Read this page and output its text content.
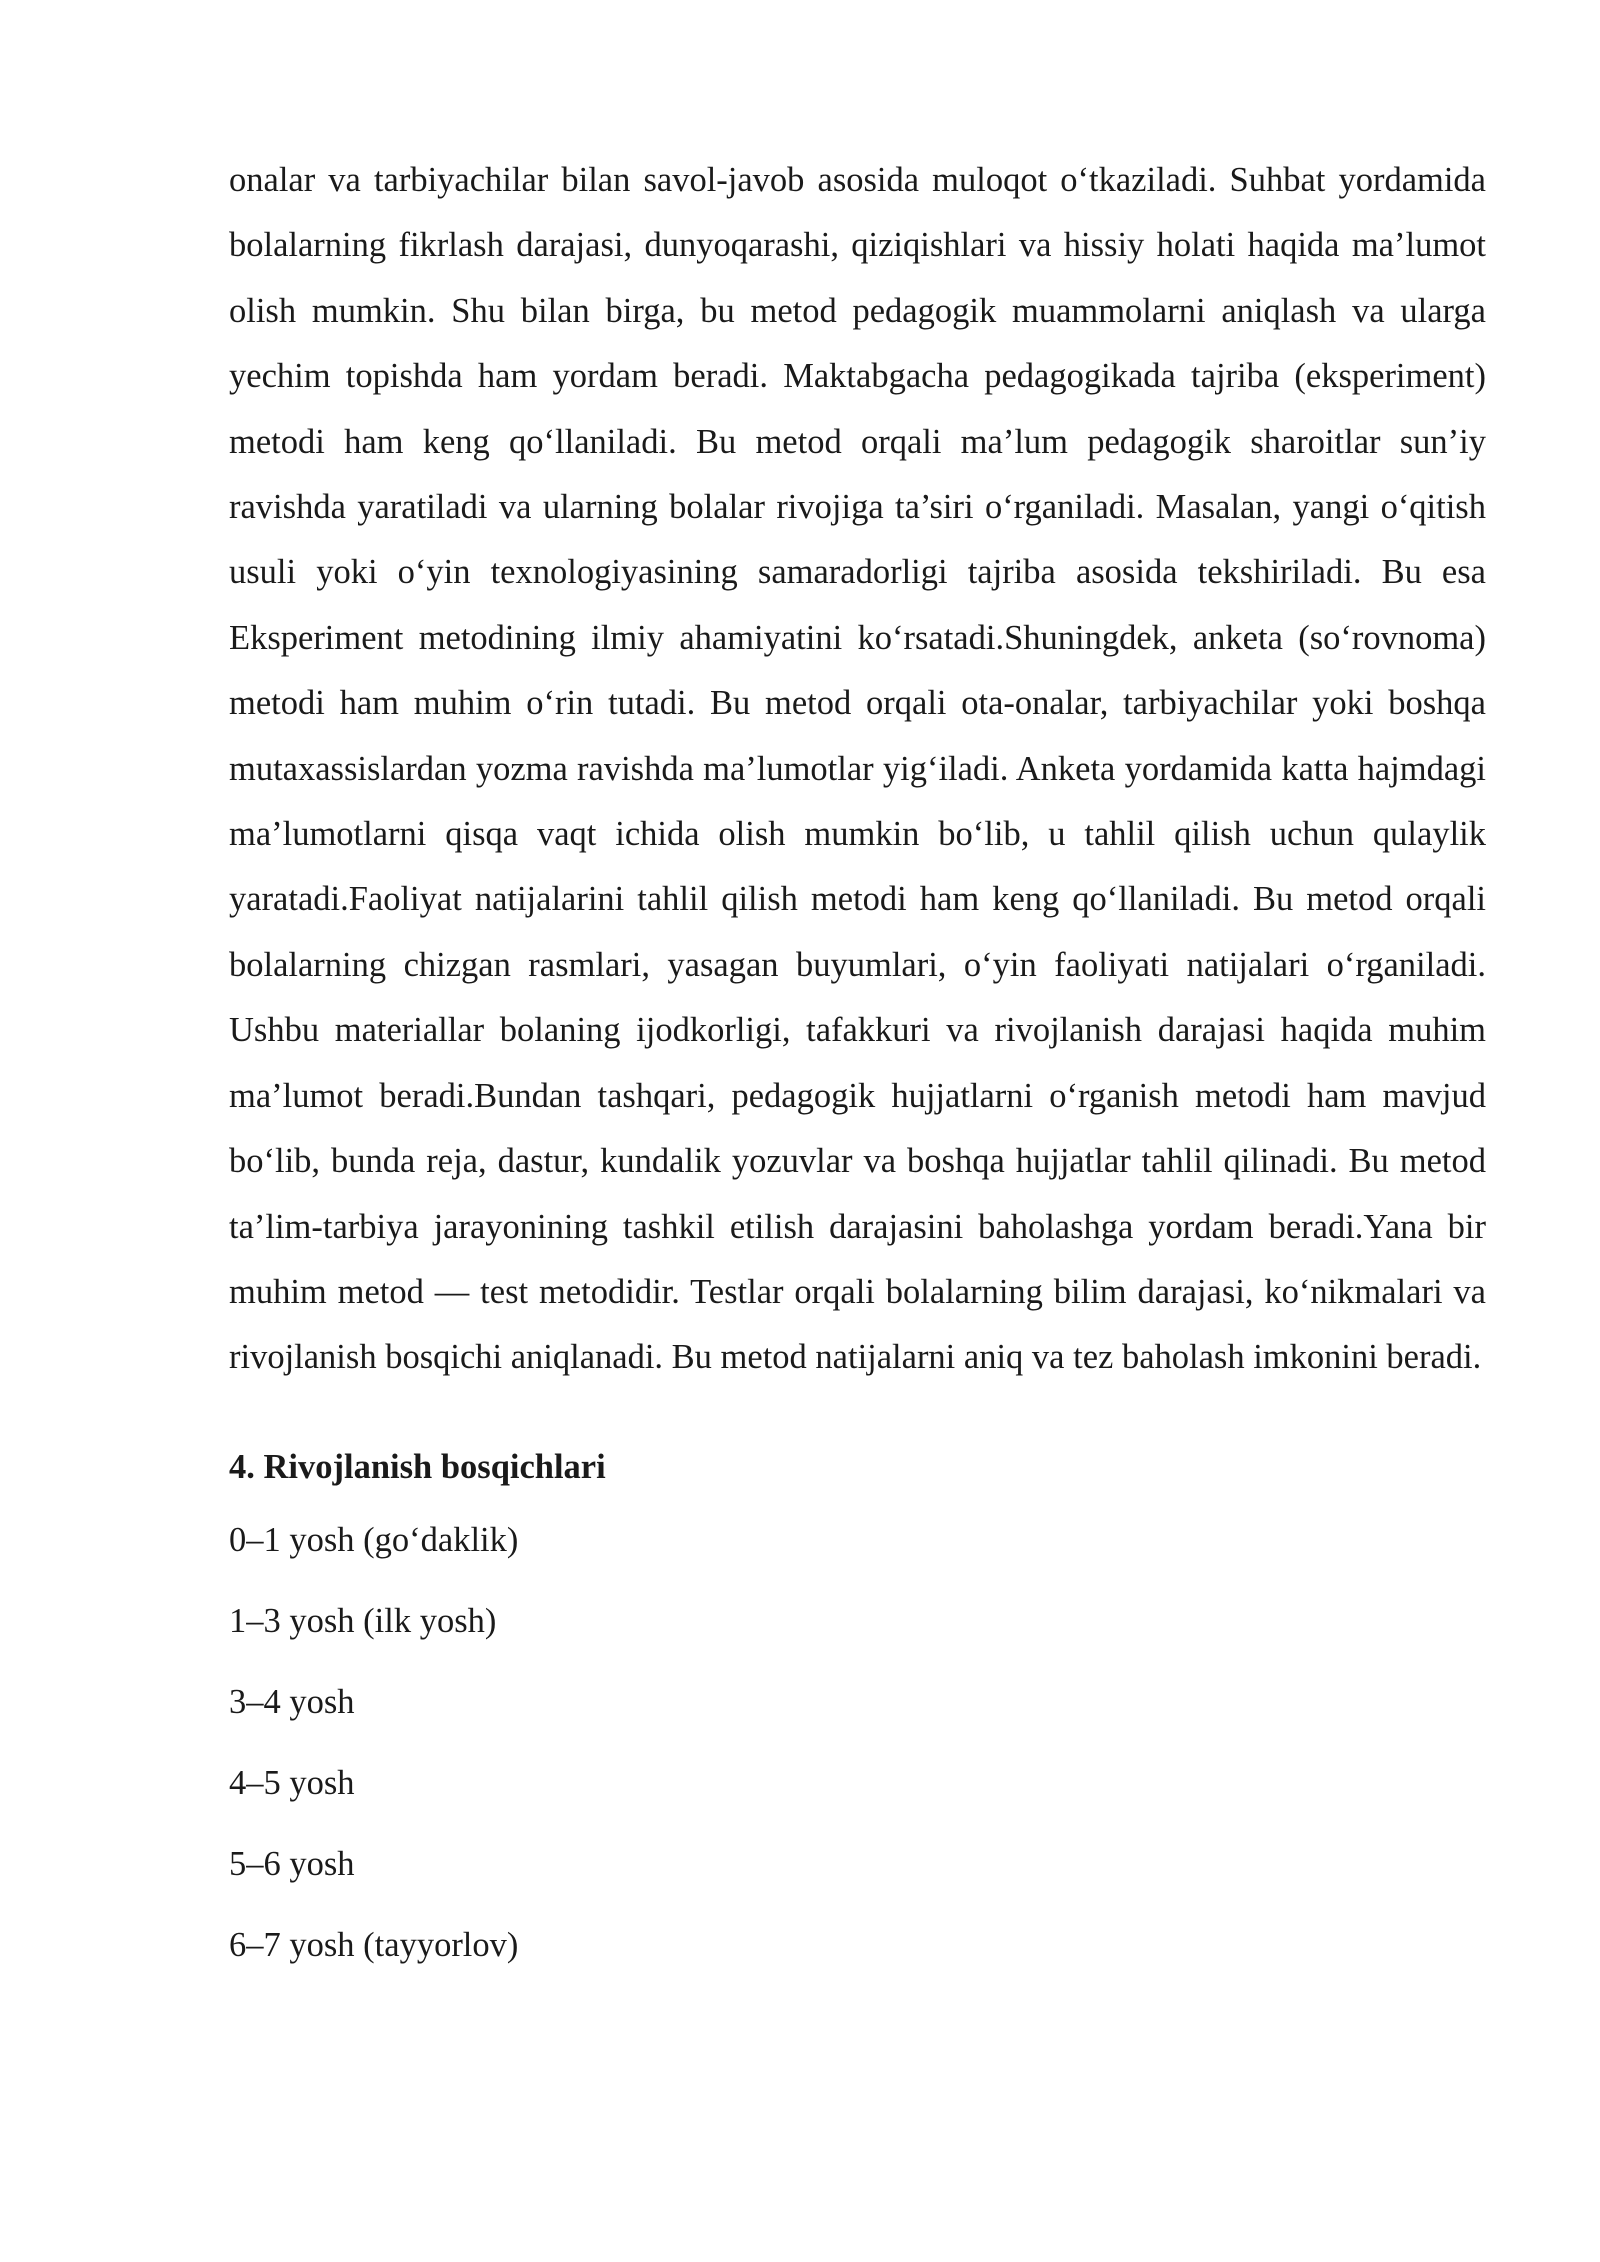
onalar va tarbiyachilar bilan savol-javob asosida muloqot o‘tkaziladi. Suhbat yordamida bolalarning fikrlash darajasi, dunyoqarashi, qiziqishlari va hissiy holati haqida ma’lumot olish mumkin. Shu bilan birga, bu metod pedagogik muammolarni aniqlash va ularga yechim topishda ham yordam beradi. Maktabgacha pedagogikada tajriba (eksperiment) metodi ham keng qo‘llaniladi. Bu metod orqali ma’lum pedagogik sharoitlar sun’iy ravishda yaratiladi va ularning bolalar rivojiga ta’siri o‘rganiladi. Masalan, yangi o‘qitish usuli yoki o‘yin texnologiyasining samaradorligi tajriba asosida tekshiriladi. Bu esa Eksperiment metodining ilmiy ahamiyatini ko‘rsatadi.Shuningdek, anketa (so‘rovnoma) metodi ham muhim o‘rin tutadi. Bu metod orqali ota-onalar, tarbiyachilar yoki boshqa mutaxassislardan yozma ravishda ma’lumotlar yig‘iladi. Anketa yordamida katta hajmdagi ma’lumotlarni qisqa vaqt ichida olish mumkin bo‘lib, u tahlil qilish uchun qulaylik yaratadi.Faoliyat natijalarini tahlil qilish metodi ham keng qo‘llaniladi. Bu metod orqali bolalarning chizgan rasmlari, yasagan buyumlari, o‘yin faoliyati natijalari o‘rganiladi. Ushbu materiallar bolaning ijodkorligi, tafakkuri va rivojlanish darajasi haqida muhim ma’lumot beradi.Bundan tashqari, pedagogik hujjatlarni o‘rganish metodi ham mavjud bo‘lib, bunda reja, dastur, kundalik yozuvlar va boshqa hujjatlar tahlil qilinadi. Bu metod ta’lim-tarbiya jarayonining tashkil etilish darajasini baholashga yordam beradi.Yana bir muhim metod — test metodidir. Testlar orqali bolalarning bilim darajasi, ko‘nikmalari va rivojlanish bosqichi aniqlanadi. Bu metod natijalarni aniq va tez baholash imkonini beradi.

4. Rivojlanish bosqichlari
0–1 yosh (go‘daklik)
1–3 yosh (ilk yosh)
3–4 yosh
4–5 yosh
5–6 yosh
6–7 yosh (tayyorlov)
